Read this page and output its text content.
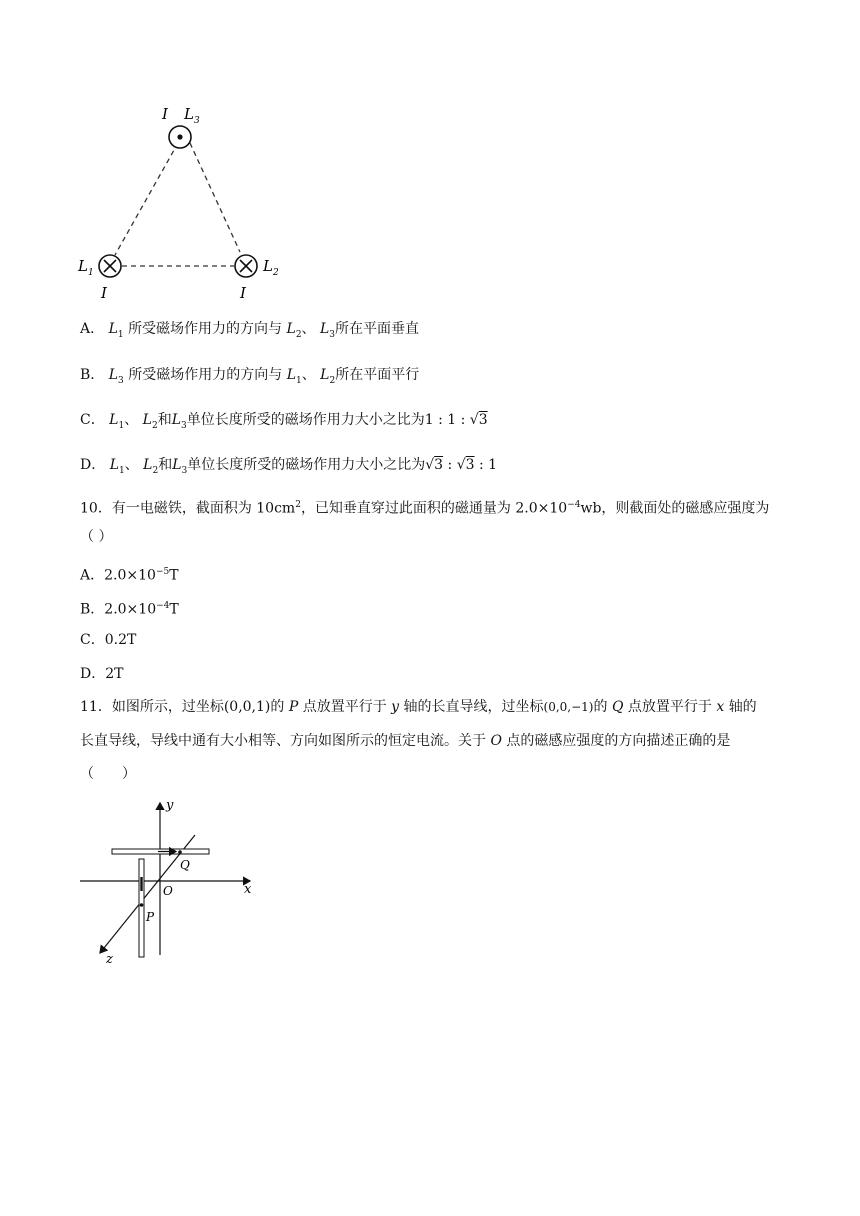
I $L_3$
$L_1$
I
$L_2$
I
A． $L_1$ 所受磁场作用力的方向与 $L_2$、 $L_3$所在平面垂直
B． $L_3$ 所受磁场作用力的方向与 $L_1$、 $L_2$所在平面平行
C． $L_1$、 $L_2$和$L_3$单位长度所受的磁场作用力大小之比为1 : 1 : √3
D． $L_1$、 $L_2$和$L_3$单位长度所受的磁场作用力大小之比为√3 : √3 : 1
10．有一电磁铁，截面积为 $10cm^2$，已知垂直穿过此面积的磁通量为 $2.0\times 10^{-4}wb$，则截面处的磁感应强度为
（ ）
A．$2.0\times 10^{-5}T$
B．$2.0\times 10^{-4}T$
C．0.2T
D．2T
11．如图所示，过坐标(0,0,1)的 P 点放置平行于 y 轴的长直导线，过坐标(0,0,−1)的 Q 点放置平行于 x 轴的
长直导线，导线中通有大小相等、方向如图所示的恒定电流。关于 O 点的磁感应强度的方向描述正确的是
（　　）
y
x
z
O
P
Q
